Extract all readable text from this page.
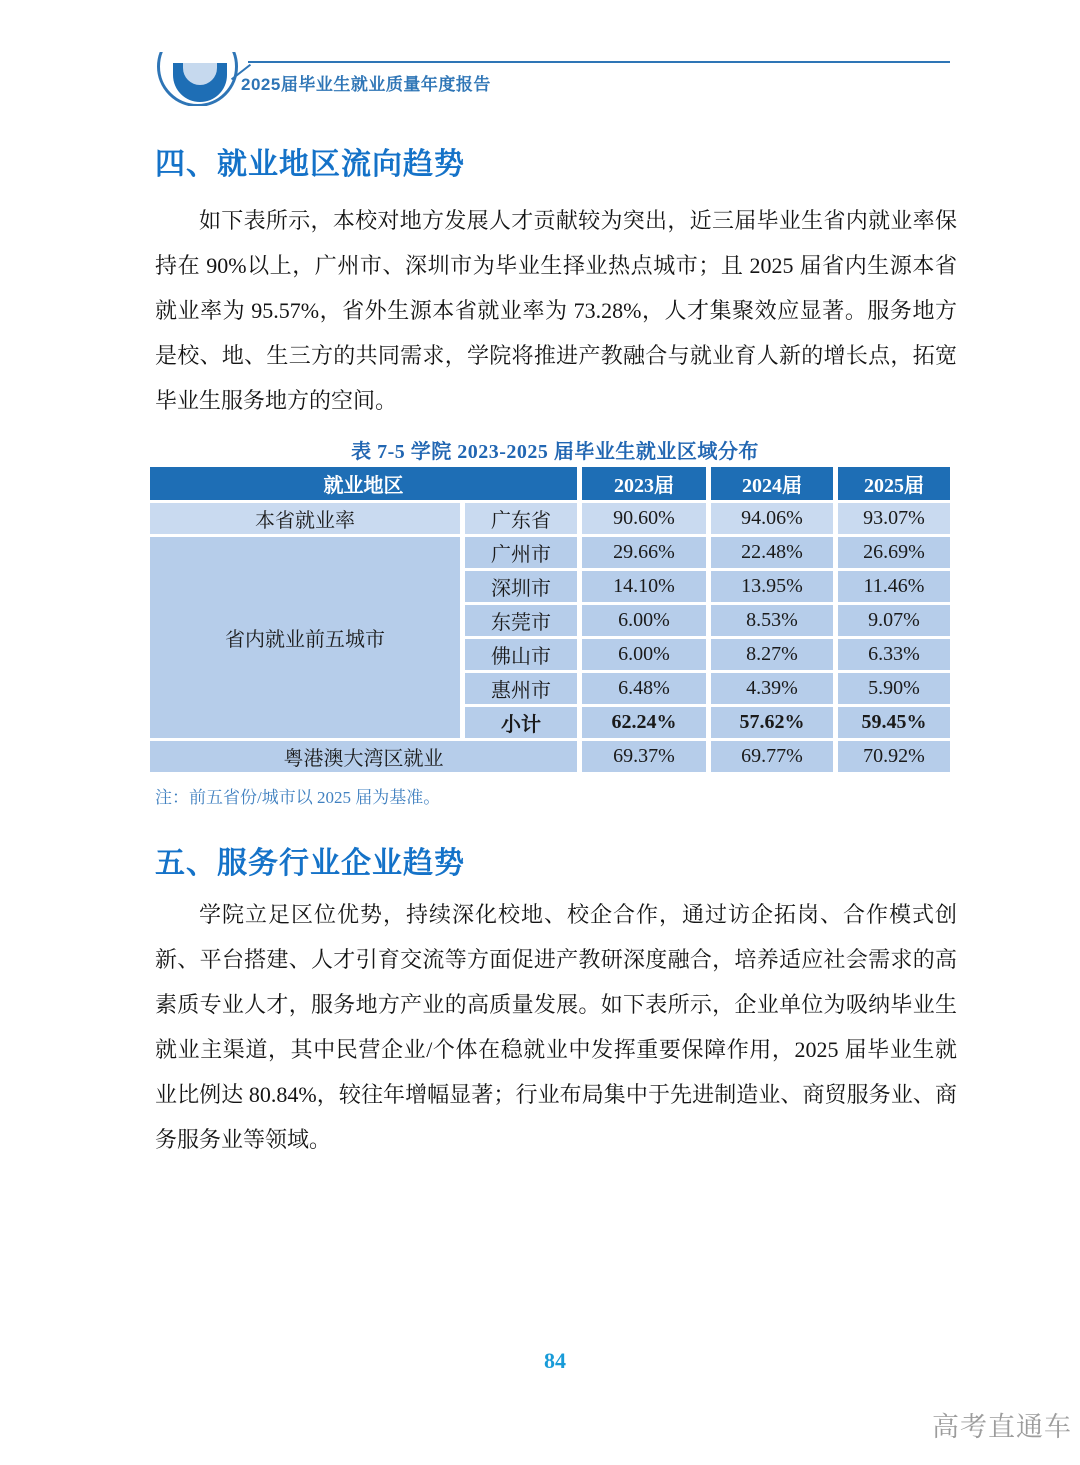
2025届毕业生就业质量年度报告
四、就业地区流向趋势

如下表所示，本校对地方发展人才贡献较为突出，近三届毕业生省内就业率保持在 90%以上，广州市、深圳市为毕业生择业热点城市；且 2025 届省内生源本省就业率为 95.57%，省外生源本省就业率为 73.28%，人才集聚效应显著。服务地方是校、地、生三方的共同需求，学院将推进产教融合与就业育人新的增长点，拓宽毕业生服务地方的空间。

表 7-5 学院 2023-2025 届毕业生就业区域分布
就业地区		2023届	2024届	2025届
本省就业率	广东省	90.60%	94.06%	93.07%
省内就业前五城市	广州市	29.66%	22.48%	26.69%
	深圳市	14.10%	13.95%	11.46%
	东莞市	6.00%	8.53%	9.07%
	佛山市	6.00%	8.27%	6.33%
	惠州市	6.48%	4.39%	5.90%
	小计	62.24%	57.62%	59.45%
粤港澳大湾区就业		69.37%	69.77%	70.92%
注：前五省份/城市以 2025 届为基准。
五、服务行业企业趋势

学院立足区位优势，持续深化校地、校企合作，通过访企拓岗、合作模式创新、平台搭建、人才引育交流等方面促进产教研深度融合，培养适应社会需求的高素质专业人才，服务地方产业的高质量发展。如下表所示，企业单位为吸纳毕业生就业主渠道，其中民营企业/个体在稳就业中发挥重要保障作用，2025 届毕业生就业比例达 80.84%，较往年增幅显著；行业布局集中于先进制造业、商贸服务业、商务服务业等领域。

84
高考直通车
